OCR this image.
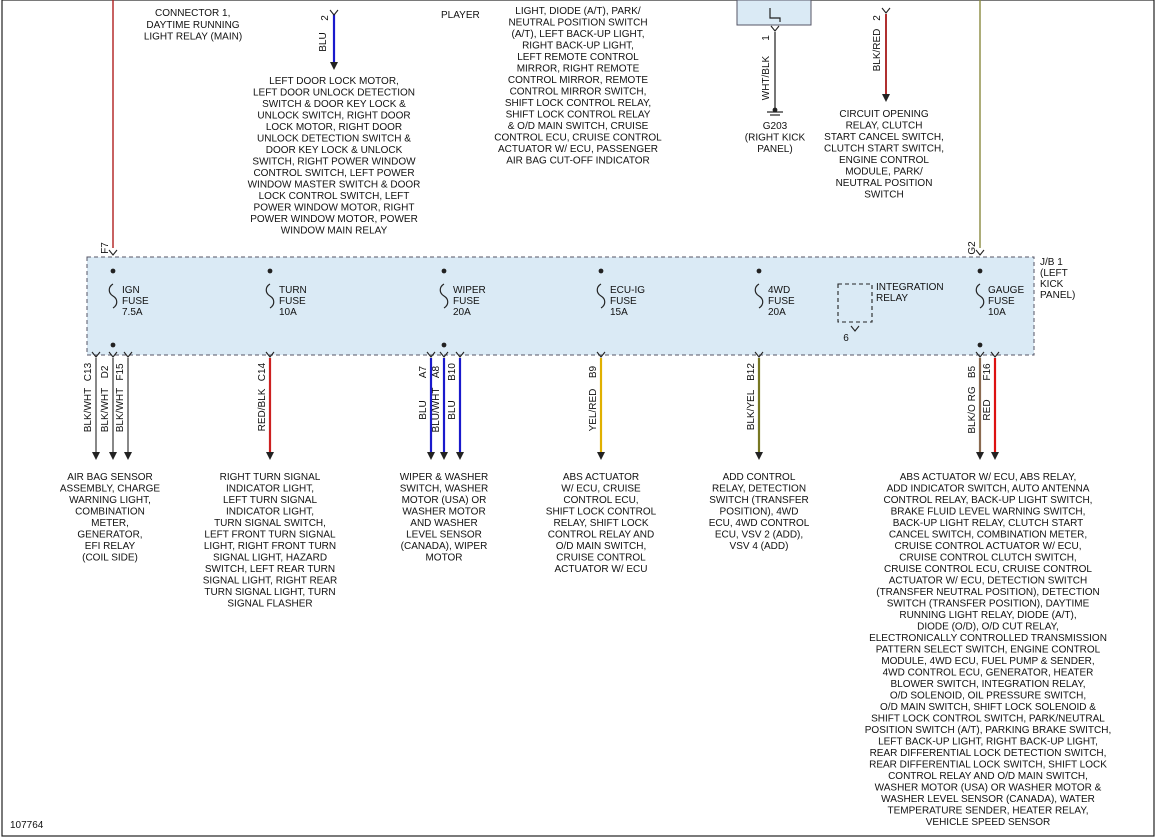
J/B 1
(LEFT
KICK
PANEL)
CONNECTOR 1,
DAYTIME RUNNING
LIGHT RELAY (MAIN)
F7	G2
2
BLU
LEFT DOOR LOCK MOTOR,
LEFT DOOR UNLOCK DETECTION
SWITCH & DOOR KEY LOCK &
UNLOCK SWITCH, RIGHT DOOR
LOCK MOTOR, RIGHT DOOR
UNLOCK DETECTION SWITCH &
DOOR KEY LOCK & UNLOCK
SWITCH, RIGHT POWER WINDOW
CONTROL SWITCH, LEFT POWER
WINDOW MASTER SWITCH & DOOR
LOCK CONTROL SWITCH, LEFT
POWER WINDOW MOTOR, RIGHT
POWER WINDOW MOTOR, POWER
WINDOW MAIN RELAY
PLAYER	LIGHT, DIODE (A/T), PARK/
NEUTRAL POSITION SWITCH
(A/T), LEFT BACK-UP LIGHT,
RIGHT BACK-UP LIGHT,
LEFT REMOTE CONTROL
MIRROR, RIGHT REMOTE
CONTROL MIRROR, REMOTE
CONTROL MIRROR SWITCH,
SHIFT LOCK CONTROL RELAY,
SHIFT LOCK CONTROL RELAY
& O/D MAIN SWITCH, CRUISE
CONTROL ECU, CRUISE CONTROL
ACTUATOR W/ ECU, PASSENGER
AIR BAG CUT-OFF INDICATOR
1
WHT/BLK
G203
(RIGHT KICK
PANEL)
2
BLK/RED
CIRCUIT OPENING
RELAY, CLUTCH
START CANCEL SWITCH,
CLUTCH START SWITCH,
ENGINE CONTROL
MODULE, PARK/
NEUTRAL POSITION
SWITCH
IGN
FUSE
7.5A
TURN
FUSE
10A
WIPER
FUSE
20A
ECU-IG
FUSE
15A
4WD
FUSE
20A
GAUGE
FUSE
10A
INTEGRATION
RELAY
6
C13
BLK/WHT
D2
BLK/WHT
F15
BLK/WHT
C14
RED/BLK
A7
BLU
A8
BLU/WHT
B10
BLU
B9
YEL/RED
B12
BLK/YEL
B5
BLK/O RG
F16
RED
AIR BAG SENSOR
ASSEMBLY, CHARGE
WARNING LIGHT,
COMBINATION
METER,
GENERATOR,
EFI RELAY
(COIL SIDE)
RIGHT TURN SIGNAL
INDICATOR LIGHT,
LEFT TURN SIGNAL
INDICATOR LIGHT,
TURN SIGNAL SWITCH,
LEFT FRONT TURN SIGNAL
LIGHT, RIGHT FRONT TURN
SIGNAL LIGHT, HAZARD
SWITCH, LEFT REAR TURN
SIGNAL LIGHT, RIGHT REAR
TURN SIGNAL LIGHT, TURN
SIGNAL FLASHER
WIPER & WASHER
SWITCH, WASHER
MOTOR (USA) OR
WASHER MOTOR
AND WASHER
LEVEL SENSOR
(CANADA), WIPER
MOTOR
ABS ACTUATOR
W/ ECU, CRUISE
CONTROL ECU,
SHIFT LOCK CONTROL
RELAY, SHIFT LOCK
CONTROL RELAY AND
O/D MAIN SWITCH,
CRUISE CONTROL
ACTUATOR W/ ECU
ADD CONTROL
RELAY, DETECTION
SWITCH (TRANSFER
POSITION), 4WD
ECU, 4WD CONTROL
ECU, VSV 2 (ADD),
VSV 4 (ADD)
ABS ACTUATOR W/ ECU, ABS RELAY,
ADD INDICATOR SWITCH, AUTO ANTENNA
CONTROL RELAY, BACK-UP LIGHT SWITCH,
BRAKE FLUID LEVEL WARNING SWITCH,
BACK-UP LIGHT RELAY, CLUTCH START
CANCEL SWITCH, COMBINATION METER,
CRUISE CONTROL ACTUATOR W/ ECU,
CRUISE CONTROL CLUTCH SWITCH,
CRUISE CONTROL ECU, CRUISE CONTROL
ACTUATOR W/ ECU, DETECTION SWITCH
(TRANSFER NEUTRAL POSITION), DETECTION
SWITCH (TRANSFER POSITION), DAYTIME
RUNNING LIGHT RELAY, DIODE (A/T),
DIODE (O/D), O/D CUT RELAY,
ELECTRONICALLY CONTROLLED TRANSMISSION
PATTERN SELECT SWITCH, ENGINE CONTROL
MODULE, 4WD ECU, FUEL PUMP & SENDER,
4WD CONTROL ECU, GENERATOR, HEATER
BLOWER SWITCH, INTEGRATION RELAY,
O/D SOLENOID, OIL PRESSURE SWITCH,
O/D MAIN SWITCH, SHIFT LOCK SOLENOID &
SHIFT LOCK CONTROL SWITCH, PARK/NEUTRAL
POSITION SWITCH (A/T), PARKING BRAKE SWITCH,
LEFT BACK-UP LIGHT, RIGHT BACK-UP LIGHT,
REAR DIFFERENTIAL LOCK DETECTION SWITCH,
REAR DIFFERENTIAL LOCK SWITCH, SHIFT LOCK
CONTROL RELAY AND O/D MAIN SWITCH,
WASHER MOTOR (USA) OR WASHER MOTOR &
WASHER LEVEL SENSOR (CANADA), WATER
TEMPERATURE SENDER, HEATER RELAY,
VEHICLE SPEED SENSOR
107764
